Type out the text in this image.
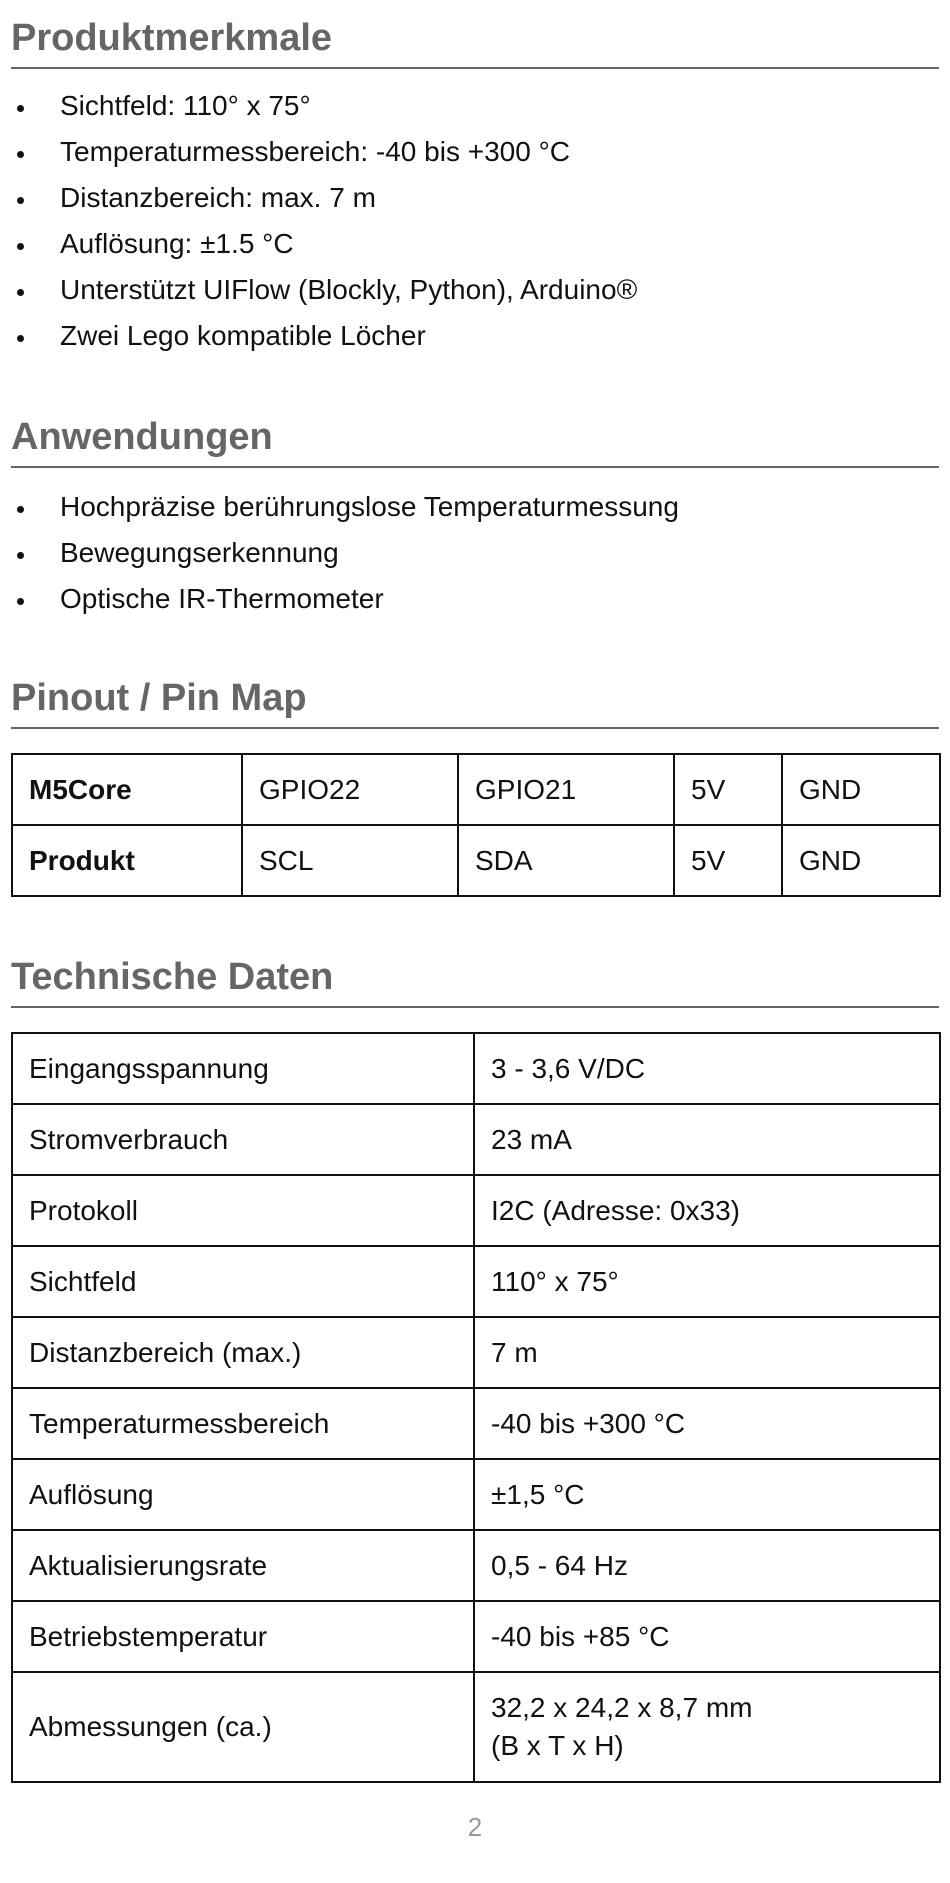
Produktmerkmale
Sichtfeld: 110° x 75°
Temperaturmessbereich: -40 bis +300 °C
Distanzbereich: max. 7 m
Auflösung: ±1.5 °C
Unterstützt UIFlow (Blockly, Python), Arduino®
Zwei Lego kompatible Löcher
Anwendungen
Hochpräzise berührungslose Temperaturmessung
Bewegungserkennung
Optische IR-Thermometer
Pinout / Pin Map
M5Core	GPIO22	GPIO21	5V	GND
Produkt	SCL	SDA	5V	GND
Technische Daten
Eingangsspannung	3 - 3,6 V/DC
Stromverbrauch	23 mA
Protokoll	I2C (Adresse: 0x33)
Sichtfeld	110° x 75°
Distanzbereich (max.)	7 m
Temperaturmessbereich	-40 bis +300 °C
Auflösung	±1,5 °C
Aktualisierungsrate	0,5 - 64 Hz
Betriebstemperatur	-40 bis +85 °C
Abmessungen (ca.)	32,2 x 24,2 x 8,7 mm
(B x T x H)
2
